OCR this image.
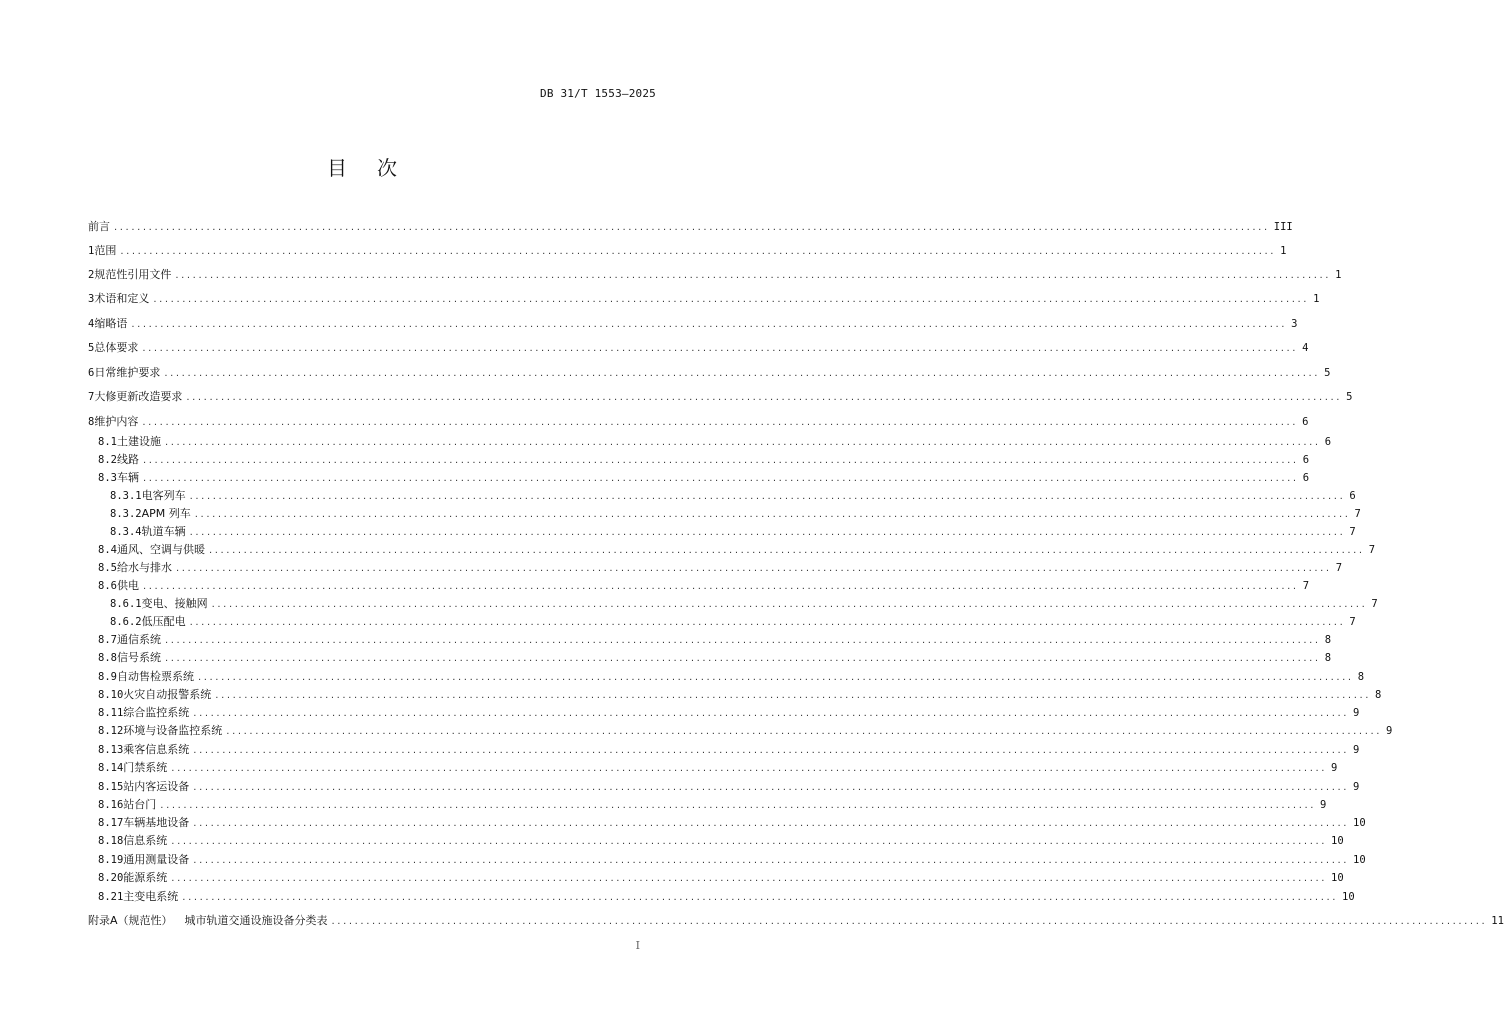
DB 31/T 1553—2025
目次
前言 ........................................................................................................................................................................................................ III
1 范围 ........................................................................................................................................................................................................ 1
2 规范性引用文件 ........................................................................................................................................................................................................ 1
3 术语和定义 ........................................................................................................................................................................................................ 1
4 缩略语 ........................................................................................................................................................................................................ 3
5 总体要求 ........................................................................................................................................................................................................ 4
6 日常维护要求 ........................................................................................................................................................................................................ 5
7 大修更新改造要求 ........................................................................................................................................................................................................ 5
8 维护内容 ........................................................................................................................................................................................................ 6
8.1 土建设施 ........................................................................................................................................................................................................ 6
8.2 线路 ........................................................................................................................................................................................................ 6
8.3 车辆 ........................................................................................................................................................................................................ 6
8.3.1 电客列车 ........................................................................................................................................................................................................ 6
8.3.2 APM 列车 ........................................................................................................................................................................................................ 7
8.3.4 轨道车辆 ........................................................................................................................................................................................................ 7
8.4 通风、空调与供暖 ........................................................................................................................................................................................................ 7
8.5 给水与排水 ........................................................................................................................................................................................................ 7
8.6 供电 ........................................................................................................................................................................................................ 7
8.6.1 变电、接触网 ........................................................................................................................................................................................................ 7
8.6.2 低压配电 ........................................................................................................................................................................................................ 7
8.7 通信系统 ........................................................................................................................................................................................................ 8
8.8 信号系统 ........................................................................................................................................................................................................ 8
8.9 自动售检票系统 ........................................................................................................................................................................................................ 8
8.10 火灾自动报警系统 ........................................................................................................................................................................................................ 8
8.11 综合监控系统 ........................................................................................................................................................................................................ 9
8.12 环境与设备监控系统 ........................................................................................................................................................................................................ 9
8.13 乘客信息系统 ........................................................................................................................................................................................................ 9
8.14 门禁系统 ........................................................................................................................................................................................................ 9
8.15 站内客运设备 ........................................................................................................................................................................................................ 9
8.16 站台门 ........................................................................................................................................................................................................ 9
8.17 车辆基地设备 ........................................................................................................................................................................................................ 10
8.18 信息系统 ........................................................................................................................................................................................................ 10
8.19 通用测量设备 ........................................................................................................................................................................................................ 10
8.20 能源系统 ........................................................................................................................................................................................................ 10
8.21 主变电系统 ........................................................................................................................................................................................................ 10
附录A（规范性） 城市轨道交通设施设备分类表 ........................................................................................................................................................................................................ 11
I
